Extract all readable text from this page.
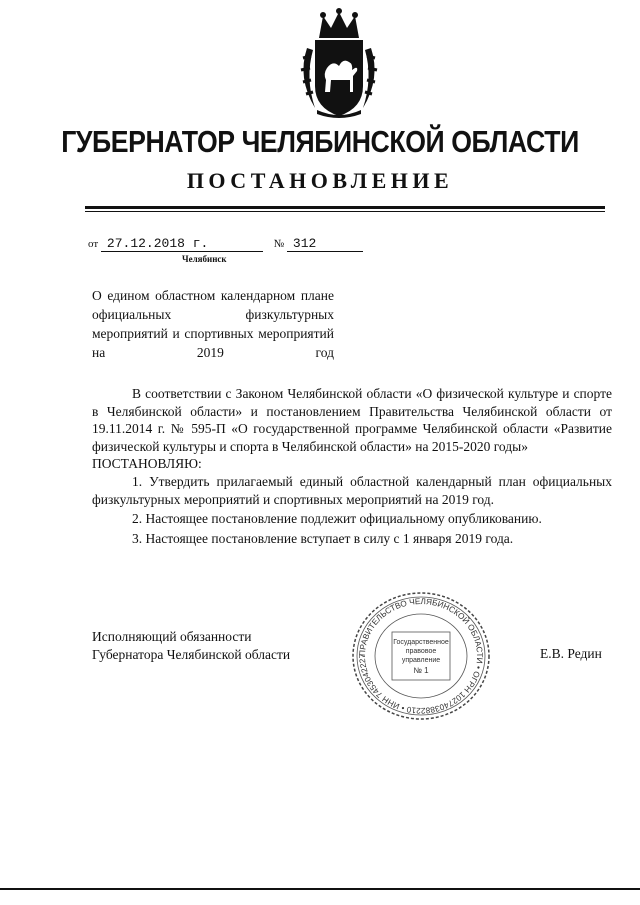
ГУБЕРНАТОР ЧЕЛЯБИНСКОЙ ОБЛАСТИ
ПОСТАНОВЛЕНИЕ
от 27.12.2018 г.	№ 312
Челябинск
О едином областном календарном плане официальных физкультурных мероприятий и спортивных мероприятий на 2019 год

В соответствии с Законом Челябинской области «О физической культуре и спорте в Челябинской области» и постановлением Правительства Челябинской области от 19.11.2014 г. № 595-П «О государственной программе Челябинской области «Развитие физической культуры и спорта в Челябинской области» на 2015-2020 годы»

ПОСТАНОВЛЯЮ:

1. Утвердить прилагаемый единый областной календарный план официальных физкультурных мероприятий и спортивных мероприятий на 2019 год.

2. Настоящее постановление подлежит официальному опубликованию.

3. Настоящее постановление вступает в силу с 1 января 2019 года.

Исполняющий обязанности
Губернатора Челябинской области	ПРАВИТЕЛЬСТВО ЧЕЛЯБИНСКОЙ ОБЛАСТИ • ОГРН 1027403882210 • ИНН 7453042227
Государственное
правовое
управление
№ 1
Е.В. Редин
